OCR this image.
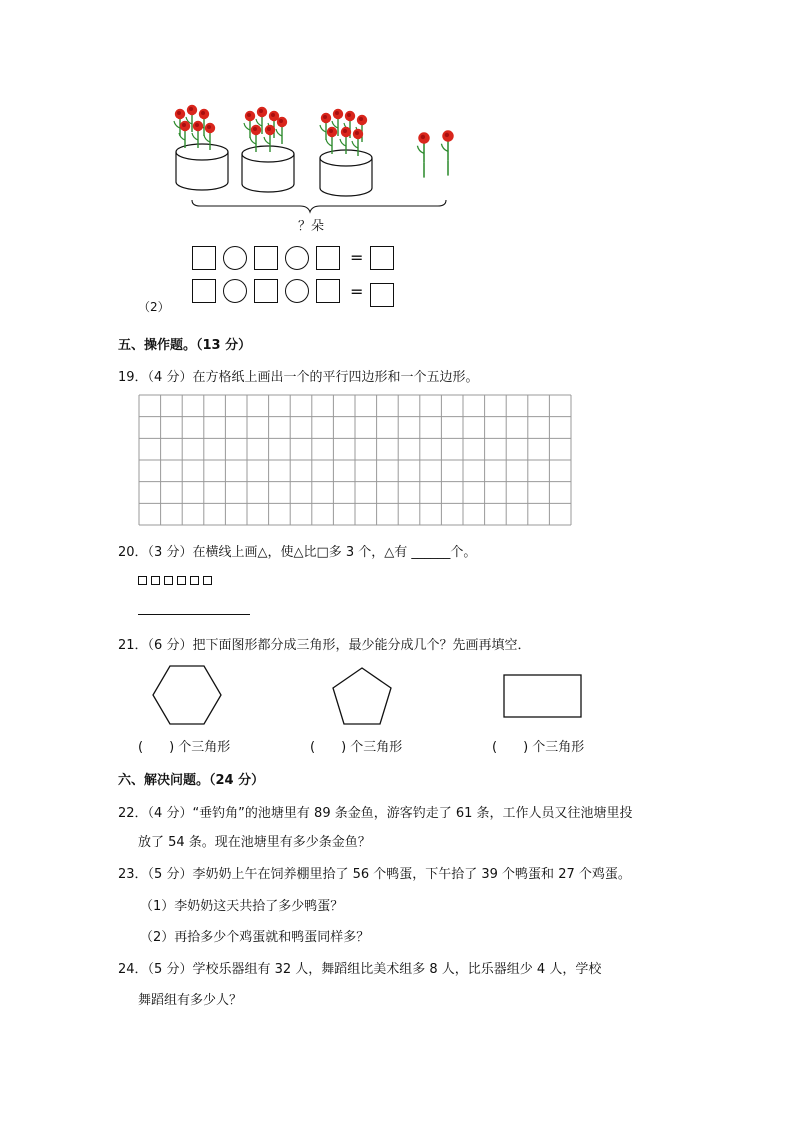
？朵
=
=
（2）
五、操作题。（13 分）
19．（4 分）在方格纸上画出一个的平行四边形和一个五边形。
20．（3 分）在横线上画△，使△比□多 3 个，△有 ______个。
21．（6 分）把下面图形都分成三角形，最少能分成几个？先画再填空．
(　　) 个三角形	(　　) 个三角形	(　　) 个三角形
六、解决问题。（24 分）
22．（4 分）“垂钓角”的池塘里有 89 条金鱼，游客钓走了 61 条，工作人员又往池塘里投
放了 54 条。现在池塘里有多少条金鱼？
23．（5 分）李奶奶上午在饲养棚里拾了 56 个鸭蛋，下午拾了 39 个鸭蛋和 27 个鸡蛋。
（1）李奶奶这天共拾了多少鸭蛋？
（2）再拾多少个鸡蛋就和鸭蛋同样多？
24．（5 分）学校乐器组有 32 人，舞蹈组比美术组多 8 人，比乐器组少 4 人，学校
舞蹈组有多少人？
